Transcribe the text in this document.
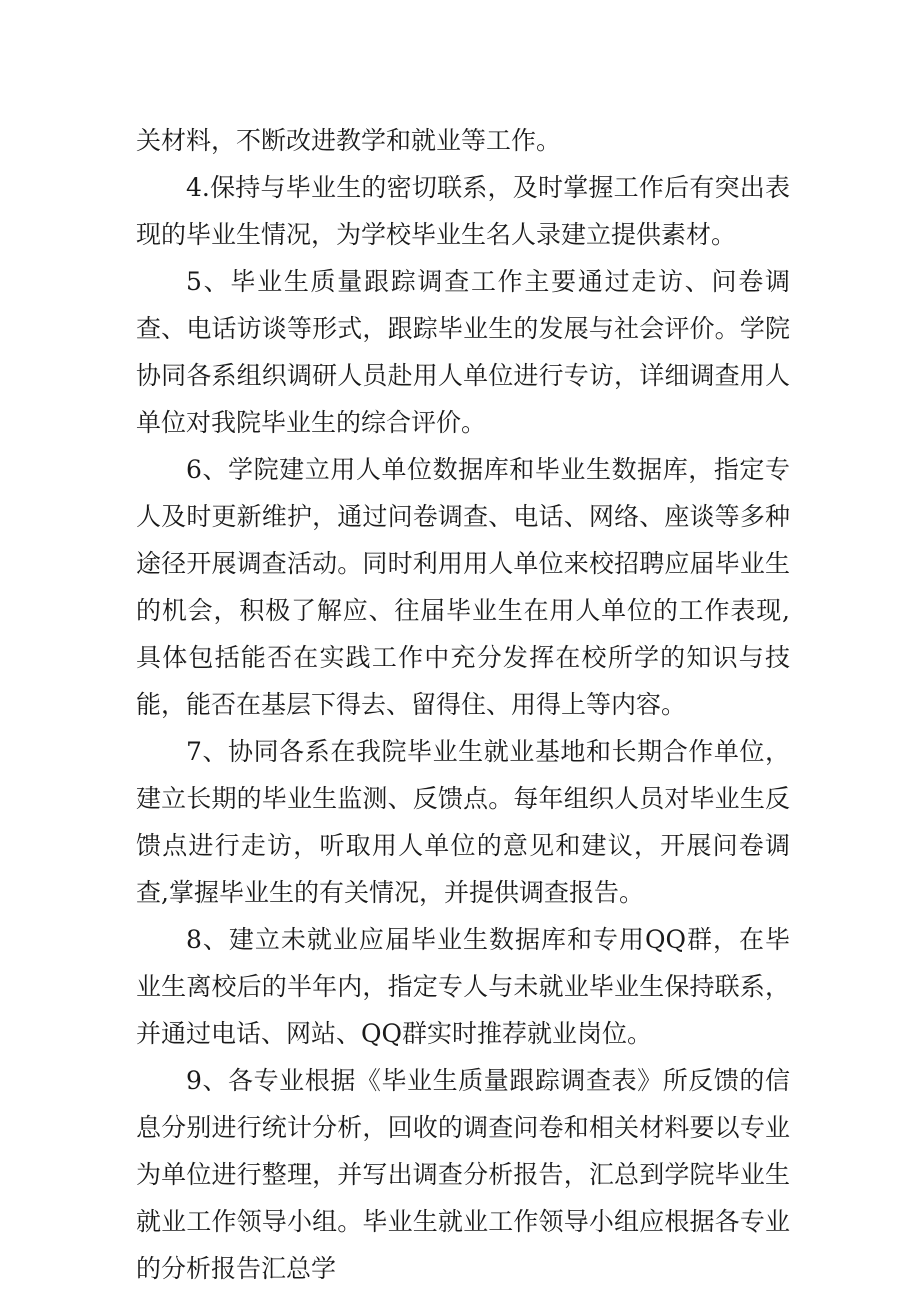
关材料，不断改进教学和就业等工作。

4.保持与毕业生的密切联系，及时掌握工作后有突出表现的毕业生情况，为学校毕业生名人录建立提供素材。

5、毕业生质量跟踪调查工作主要通过走访、问卷调查、电话访谈等形式，跟踪毕业生的发展与社会评价。学院协同各系组织调研人员赴用人单位进行专访，详细调查用人单位对我院毕业生的综合评价。

6、学院建立用人单位数据库和毕业生数据库，指定专人及时更新维护，通过问卷调查、电话、网络、座谈等多种途径开展调查活动。同时利用用人单位来校招聘应届毕业生的机会，积极了解应、往届毕业生在用人单位的工作表现,具体包括能否在实践工作中充分发挥在校所学的知识与技能，能否在基层下得去、留得住、用得上等内容。

7、协同各系在我院毕业生就业基地和长期合作单位，建立长期的毕业生监测、反馈点。每年组织人员对毕业生反馈点进行走访，听取用人单位的意见和建议，开展问卷调查,掌握毕业生的有关情况，并提供调查报告。

8、建立未就业应届毕业生数据库和专用QQ群，在毕业生离校后的半年内，指定专人与未就业毕业生保持联系，并通过电话、网站、QQ群实时推荐就业岗位。

9、各专业根据《毕业生质量跟踪调查表》所反馈的信息分别进行统计分析，回收的调查问卷和相关材料要以专业为单位进行整理，并写出调查分析报告，汇总到学院毕业生就业工作领导小组。毕业生就业工作领导小组应根据各专业的分析报告汇总学
